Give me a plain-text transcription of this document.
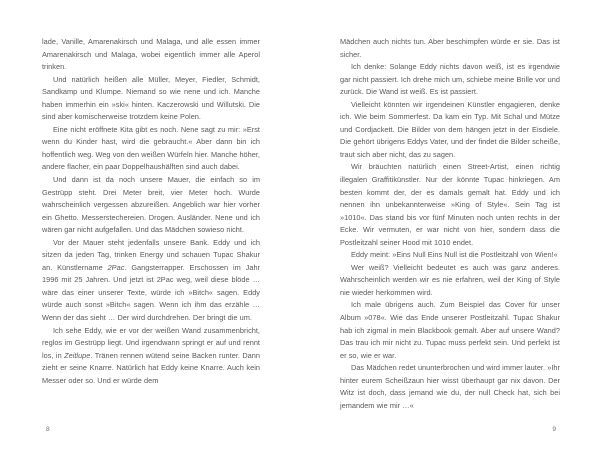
lade, Vanille, Amarenakirsch und Malaga, und alle essen immer Amarenakirsch und Malaga, wobei eigentlich immer alle Aperol trinken.

Und natürlich heißen alle Müller, Meyer, Fiedler, Schmidt, Sandkamp und Klumpe. Niemand so wie nene und ich. Manche haben immerhin ein »ski« hinten. Kaczerowski und Willutski. Die sind aber komischerweise trotzdem keine Polen.

Eine nicht eröffnete Kita gibt es noch. Nene sagt zu mir: »Erst wenn du Kinder hast, wird die gebraucht.« Aber dann bin ich hoffentlich weg. Weg von den weißen Würfeln hier. Manche höher, andere flacher, ein paar Doppelhaushälften sind auch dabei.

Und dann ist da noch unsere Mauer, die einfach so im Gestrüpp steht. Drei Meter breit, vier Meter hoch. Wurde wahrscheinlich vergessen abzureißen. Angeblich war hier vorher ein Ghetto. Messerstechereien. Drogen. Ausländer. Nene und ich wären gar nicht aufgefallen. Und das Mädchen sowieso nicht.

Vor der Mauer steht jedenfalls unsere Bank. Eddy und ich sitzen da jeden Tag, trinken Energy und schauen Tupac Shakur an. Künstlername 2Pac. Gangsterrapper. Erschossen im Jahr 1996 mit 25 Jahren. Und jetzt ist 2Pac weg, weil diese blöde … wäre das einer unserer Texte, würde ich »Bitch« sagen. Eddy würde auch sonst »Bitch« sagen. Wenn ich ihm das erzähle … Wenn der das sieht … Der wird durchdrehen. Der bringt die um.

Ich sehe Eddy, wie er vor der weißen Wand zusammenbricht, reglos im Gestrüpp liegt. Und irgendwann springt er auf und rennt los, in Zeitlupe. Tränen rennen wütend seine Backen runter. Dann zieht er seine Knarre. Natürlich hat Eddy keine Knarre. Auch kein Messer oder so. Und er würde dem

8

Mädchen auch nichts tun. Aber beschimpfen würde er sie. Das ist sicher.

Ich denke: Solange Eddy nichts davon weiß, ist es irgendwie gar nicht passiert. Ich drehe mich um, schiebe meine Brille vor und zurück. Die Wand ist weiß. Es ist passiert.

Vielleicht könnten wir irgendeinen Künstler engagieren, denke ich. Wie beim Sommerfest. Da kam ein Typ. Mit Schal und Mütze und Cordjackett. Die Bilder von dem hängen jetzt in der Eisdiele. Die gehört übrigens Eddys Vater, und der findet die Bilder scheiße, traut sich aber nicht, das zu sagen.

Wir bräuchten natürlich einen Street-Artist, einen richtig illegalen Graffitikünstler. Nur der könnte Tupac hinkriegen. Am besten kommt der, der es damals gemalt hat. Eddy und ich nennen ihn unbekannterweise »King of Style«. Sein Tag ist »1010«. Das stand bis vor fünf Minuten noch unten rechts in der Ecke. Wir vermuten, er war nicht von hier, sondern dass die Postleitzahl seiner Hood mit 1010 endet.

Eddy meint: »Eins Null Eins Null ist die Postleitzahl von Wien!«

Wer weiß? Vielleicht bedeutet es auch was ganz anderes. Wahrscheinlich werden wir es nie erfahren, weil der King of Style nie wieder herkommen wird.

Ich male übrigens auch. Zum Beispiel das Cover für unser Album »078«. Wie das Ende unserer Postleitzahl. Tupac Shakur hab ich zigmal in mein Blackbook gemalt. Aber auf unsere Wand? Das trau ich mir nicht zu. Tupac muss perfekt sein. Und perfekt ist er so, wie er war.

Das Mädchen redet ununterbrochen und wird immer lauter. »Ihr hinter eurem Scheißzaun hier wisst überhaupt gar nix davon. Der Witz ist doch, dass jemand wie du, der null Check hat, sich bei jemandem wie mir …«

9
